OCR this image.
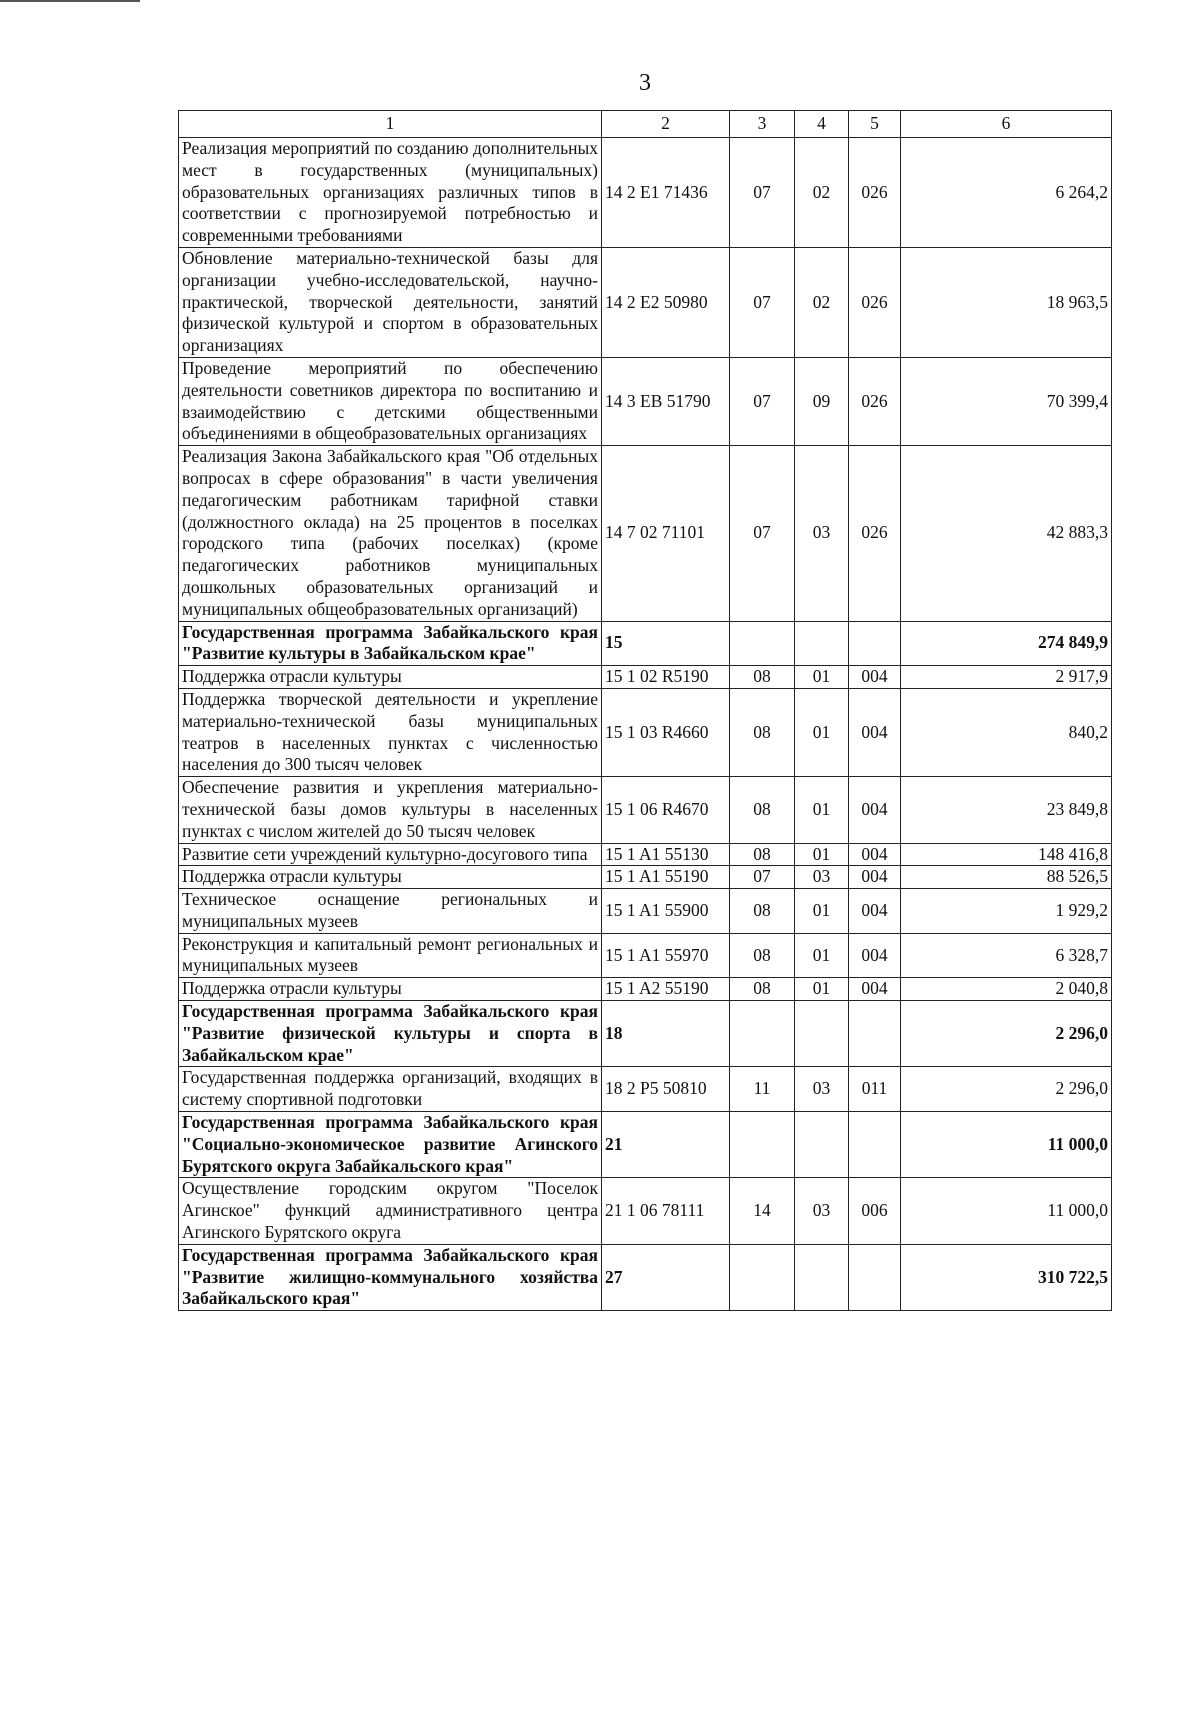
3
1	2	3	4	5	6
Реализация мероприятий по созданию дополнительных мест в государственных (муниципальных) образовательных организациях различных типов в соответствии с прогнозируемой потребностью и современными требованиями	14 2 E1 71436	07	02	026	6 264,2
Обновление материально-технической базы для организации учебно-исследовательской, научно-практической, творческой деятельности, занятий физической культурой и спортом в образовательных организациях	14 2 E2 50980	07	02	026	18 963,5
Проведение мероприятий по обеспечению деятельности советников директора по воспитанию и взаимодействию с детскими общественными объединениями в общеобразовательных организациях	14 3 EB 51790	07	09	026	70 399,4
Реализация Закона Забайкальского края "Об отдельных вопросах в сфере образования" в части увеличения педагогическим работникам тарифной ставки (должностного оклада) на 25 процентов в поселках городского типа (рабочих поселках) (кроме педагогических работников муниципальных дошкольных образовательных организаций и муниципальных общеобразовательных организаций)	14 7 02 71101	07	03	026	42 883,3
Государственная программа Забайкальского края "Развитие культуры в Забайкальском крае"	15				274 849,9
Поддержка отрасли культуры	15 1 02 R5190	08	01	004	2 917,9
Поддержка творческой деятельности и укрепление материально-технической базы муниципальных театров в населенных пунктах с численностью населения до 300 тысяч человек	15 1 03 R4660	08	01	004	840,2
Обеспечение развития и укрепления материально-технической базы домов культуры в населенных пунктах с числом жителей до 50 тысяч человек	15 1 06 R4670	08	01	004	23 849,8
Развитие сети учреждений культурно-досугового типа	15 1 A1 55130	08	01	004	148 416,8
Поддержка отрасли культуры	15 1 A1 55190	07	03	004	88 526,5
Техническое оснащение региональных и муниципальных музеев	15 1 A1 55900	08	01	004	1 929,2
Реконструкция и капитальный ремонт региональных и муниципальных музеев	15 1 A1 55970	08	01	004	6 328,7
Поддержка отрасли культуры	15 1 A2 55190	08	01	004	2 040,8
Государственная программа Забайкальского края "Развитие физической культуры и спорта в Забайкальском крае"	18				2 296,0
Государственная поддержка организаций, входящих в систему спортивной подготовки	18 2 P5 50810	11	03	011	2 296,0
Государственная программа Забайкальского края "Социально-экономическое развитие Агинского Бурятского округа Забайкальского края"	21				11 000,0
Осуществление городским округом "Поселок Агинское" функций административного центра Агинского Бурятского округа	21 1 06 78111	14	03	006	11 000,0
Государственная программа Забайкальского края "Развитие жилищно-коммунального хозяйства Забайкальского края"	27				310 722,5
